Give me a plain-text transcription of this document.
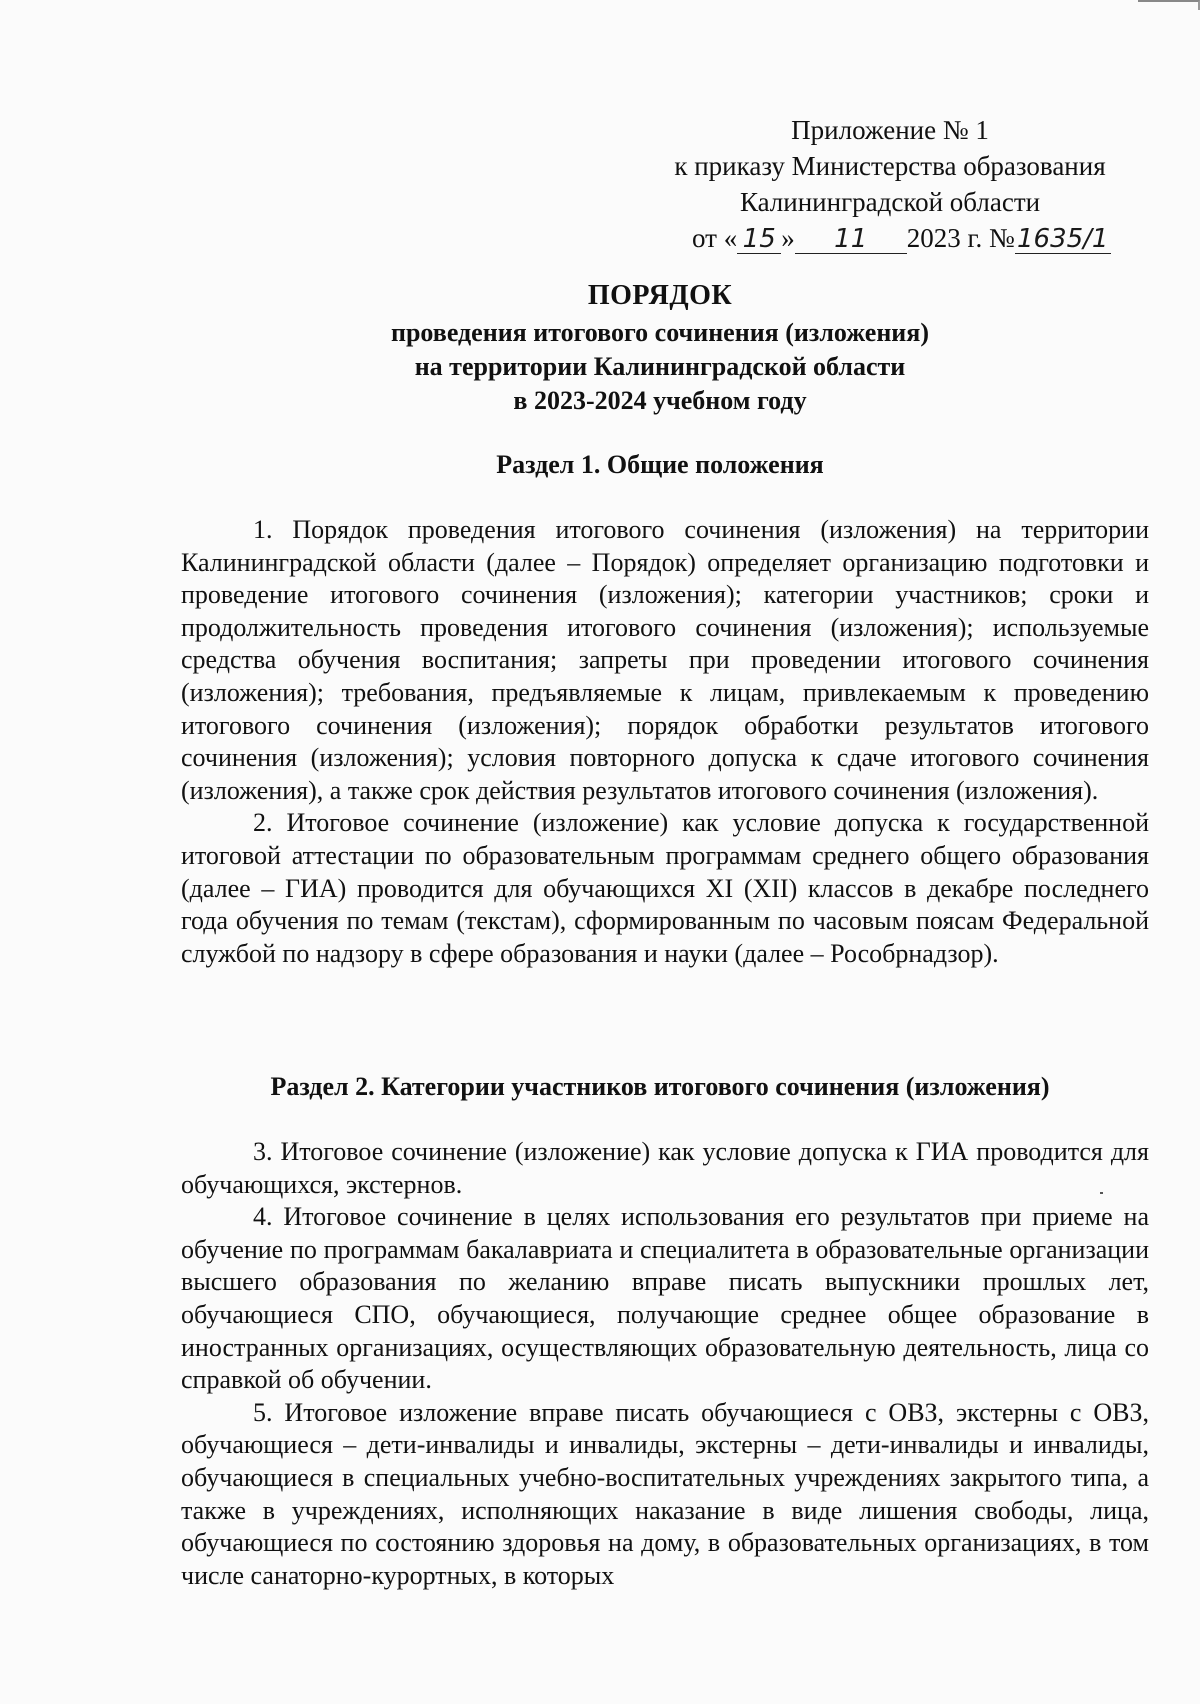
Приложение № 1
к приказу Министерства образования
Калининградской области
от « 15 » 11 2023 г. №1635/1
ПОРЯДОК
проведения итогового сочинения (изложения)
на территории Калининградской области
в 2023-2024 учебном году
Раздел 1. Общие положения

1. Порядок проведения итогового сочинения (изложения) на территории Калининградской области (далее – Порядок) определяет организацию подготовки и проведение итогового сочинения (изложения); категории участников; сроки и продолжительность проведения итогового сочинения (изложения); используемые средства обучения воспитания; запреты при проведении итогового сочинения (изложения); требования, предъявляемые к лицам, привлекаемым к проведению итогового сочинения (изложения); порядок обработки результатов итогового сочинения (изложения); условия повторного допуска к сдаче итогового сочинения (изложения), а также срок действия результатов итогового сочинения (изложения).

2. Итоговое сочинение (изложение) как условие допуска к государственной итоговой аттестации по образовательным программам среднего общего образования (далее – ГИА) проводится для обучающихся XI (XII) классов в декабре последнего года обучения по темам (текстам), сформированным по часовым поясам Федеральной службой по надзору в сфере образования и науки (далее – Рособрнадзор).

Раздел 2. Категории участников итогового сочинения (изложения)

3. Итоговое сочинение (изложение) как условие допуска к ГИА проводится для обучающихся, экстернов.

4. Итоговое сочинение в целях использования его результатов при приеме на обучение по программам бакалавриата и специалитета в образовательные организации высшего образования по желанию вправе писать выпускники прошлых лет, обучающиеся СПО, обучающиеся, получающие среднее общее образование в иностранных организациях, осуществляющих образовательную деятельность, лица со справкой об обучении.

5. Итоговое изложение вправе писать обучающиеся с ОВЗ, экстерны с ОВЗ, обучающиеся – дети-инвалиды и инвалиды, экстерны – дети-инвалиды и инвалиды, обучающиеся в специальных учебно-воспитательных учреждениях закрытого типа, а также в учреждениях, исполняющих наказание в виде лишения свободы, лица, обучающиеся по состоянию здоровья на дому, в образовательных организациях, в том числе санаторно-курортных, в которых
